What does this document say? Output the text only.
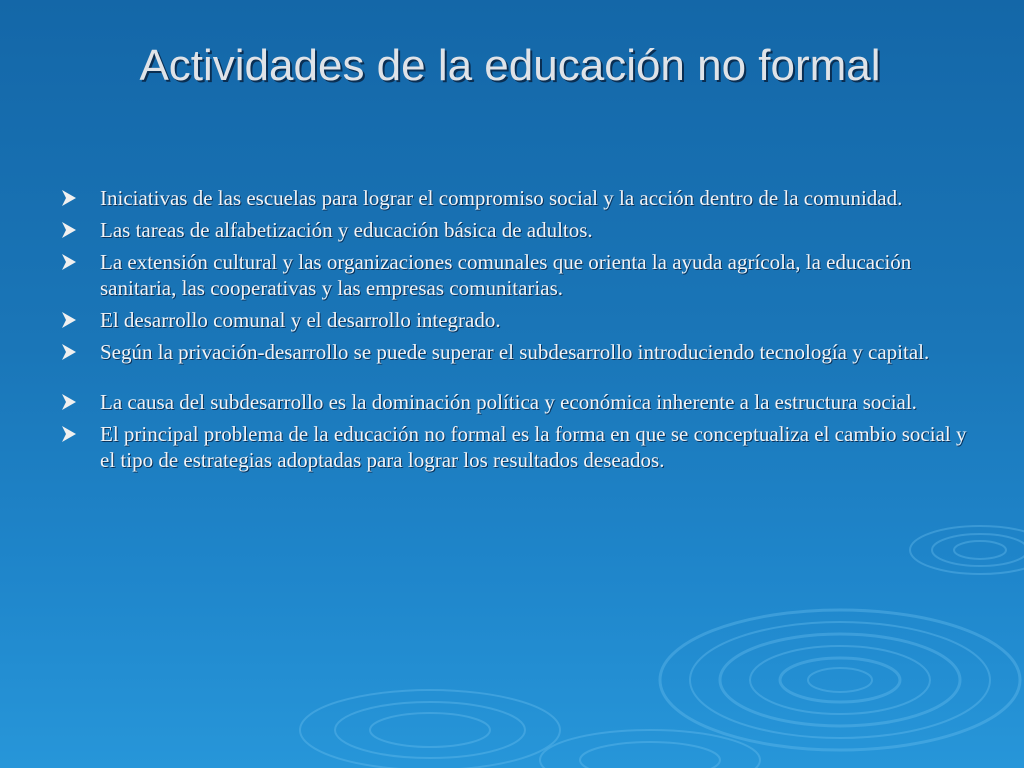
Actividades de la educación no formal
Iniciativas de las escuelas para lograr el compromiso social y la acción dentro de la comunidad.
Las tareas de alfabetización y educación básica de adultos.
La extensión cultural y las organizaciones comunales que orienta la ayuda agrícola, la educación sanitaria, las cooperativas y las empresas comunitarias.
El desarrollo comunal y el desarrollo integrado.
Según la privación-desarrollo se puede superar el subdesarrollo introduciendo tecnología y capital.
La causa del subdesarrollo es la dominación política y económica inherente a la estructura social.
El principal problema de la educación no formal es la forma en que se conceptualiza el cambio social y el tipo de estrategias adoptadas para lograr los resultados deseados.
